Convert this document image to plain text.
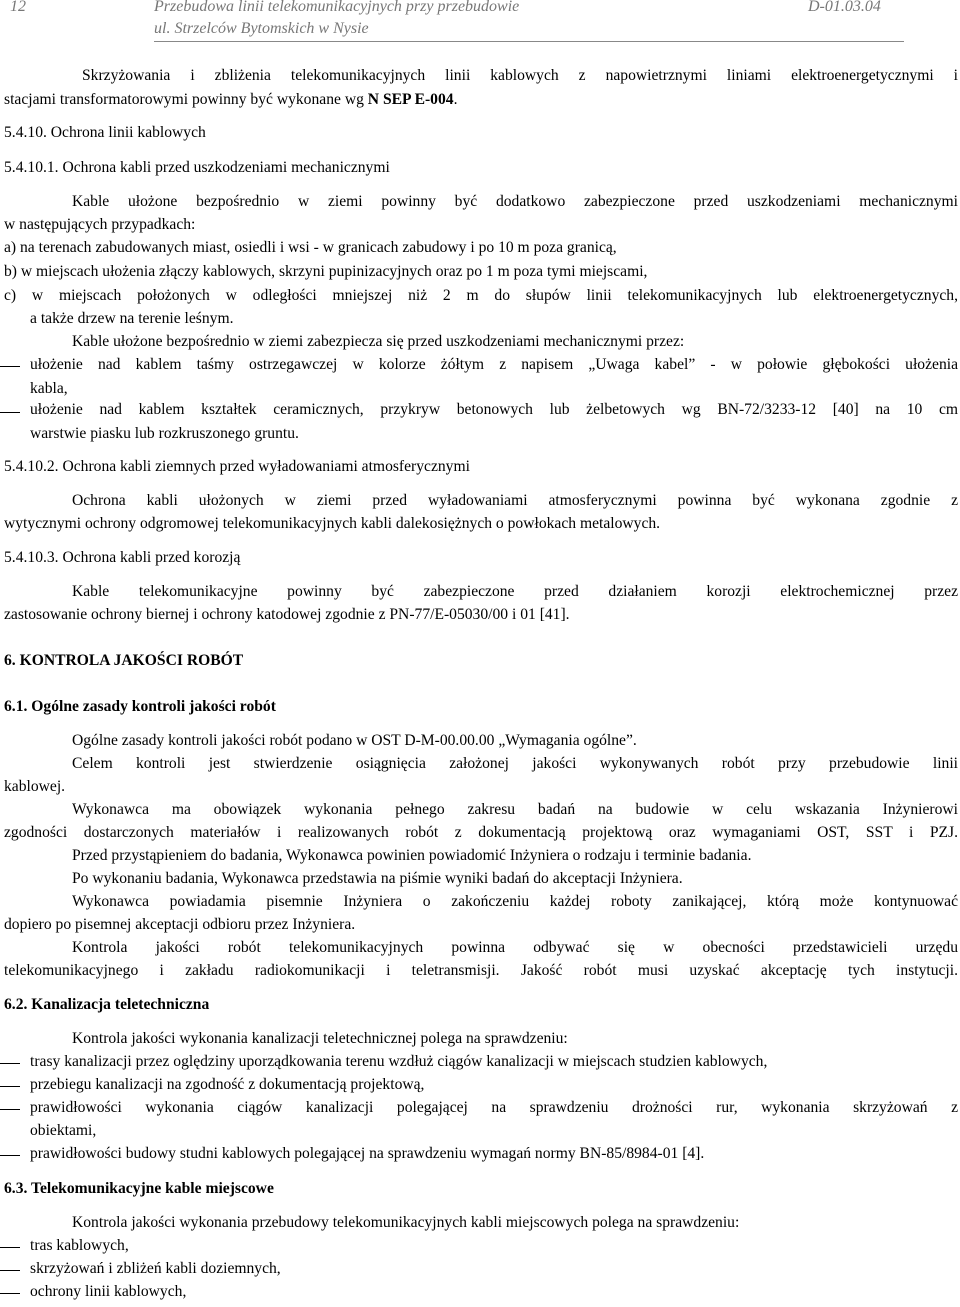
12	Przebudowa linii telekomunikacyjnych przy przebudowie	D-01.03.04
ul. Strzelców Bytomskich w Nysie
Skrzyżowania i zbliżenia telekomunikacyjnych linii kablowych z napowietrznymi liniami elektroenergetycznymi i
stacjami transformatorowymi powinny być wykonane wg N SEP E-004.
5.4.10. Ochrona linii kablowych
5.4.10.1. Ochrona kabli przed uszkodzeniami mechanicznymi
Kable ułożone bezpośrednio w ziemi powinny być dodatkowo zabezpieczone przed uszkodzeniami mechanicznymi
w następujących przypadkach:
a) na terenach zabudowanych miast, osiedli i wsi - w granicach zabudowy i po 10 m poza granicą,
b) w miejscach ułożenia złączy kablowych, skrzyni pupinizacyjnych oraz po 1 m poza tymi miejscami,
c) w miejscach położonych w odległości mniejszej niż 2 m do słupów linii telekomunikacyjnych lub elektroenergetycznych,
a także drzew na terenie leśnym.
Kable ułożone bezpośrednio w ziemi zabezpiecza się przed uszkodzeniami mechanicznymi przez:
ułożenie nad kablem taśmy ostrzegawczej w kolorze żółtym z napisem „Uwaga kabel” - w połowie głębokości ułożenia
kabla,
ułożenie nad kablem kształtek ceramicznych, przykryw betonowych lub żelbetowych wg BN-72/3233-12 [40] na 10 cm
warstwie piasku lub rozkruszonego gruntu.
5.4.10.2. Ochrona kabli ziemnych przed wyładowaniami atmosferycznymi
Ochrona kabli ułożonych w ziemi przed wyładowaniami atmosferycznymi powinna być wykonana zgodnie z
wytycznymi ochrony odgromowej telekomunikacyjnych kabli dalekosiężnych o powłokach metalowych.
5.4.10.3. Ochrona kabli przed korozją
Kable telekomunikacyjne powinny być zabezpieczone przed działaniem korozji elektrochemicznej przez
zastosowanie ochrony biernej i ochrony katodowej zgodnie z PN-77/E-05030/00 i 01 [41].
6. KONTROLA JAKOŚCI ROBÓT
6.1. Ogólne zasady kontroli jakości robót
Ogólne zasady kontroli jakości robót podano w OST D-M-00.00.00 „Wymagania ogólne”.
Celem kontroli jest stwierdzenie osiągnięcia założonej jakości wykonywanych robót przy przebudowie linii
kablowej.
Wykonawca ma obowiązek wykonania pełnego zakresu badań na budowie w celu wskazania Inżynierowi
zgodności dostarczonych materiałów i realizowanych robót z dokumentacją projektową oraz wymaganiami OST, SST i PZJ.
Przed przystąpieniem do badania, Wykonawca powinien powiadomić Inżyniera o rodzaju i terminie badania.
Po wykonaniu badania, Wykonawca przedstawia na piśmie wyniki badań do akceptacji Inżyniera.
Wykonawca powiadamia pisemnie Inżyniera o zakończeniu każdej roboty zanikającej, którą może kontynuować
dopiero po pisemnej akceptacji odbioru przez Inżyniera.
Kontrola jakości robót telekomunikacyjnych powinna odbywać się w obecności przedstawicieli urzędu
telekomunikacyjnego i zakładu radiokomunikacji i teletransmisji. Jakość robót musi uzyskać akceptację tych instytucji.
6.2. Kanalizacja teletechniczna
Kontrola jakości wykonania kanalizacji teletechnicznej polega na sprawdzeniu:
trasy kanalizacji przez oględziny uporządkowania terenu wzdłuż ciągów kanalizacji w miejscach studzien kablowych,
przebiegu kanalizacji na zgodność z dokumentacją projektową,
prawidłowości wykonania ciągów kanalizacji polegającej na sprawdzeniu drożności rur, wykonania skrzyżowań z
obiektami,
prawidłowości budowy studni kablowych polegającej na sprawdzeniu wymagań normy BN-85/8984-01 [4].
6.3. Telekomunikacyjne kable miejscowe
Kontrola jakości wykonania przebudowy telekomunikacyjnych kabli miejscowych polega na sprawdzeniu:
tras kablowych,
skrzyżowań i zbliżeń kabli doziemnych,
ochrony linii kablowych,
